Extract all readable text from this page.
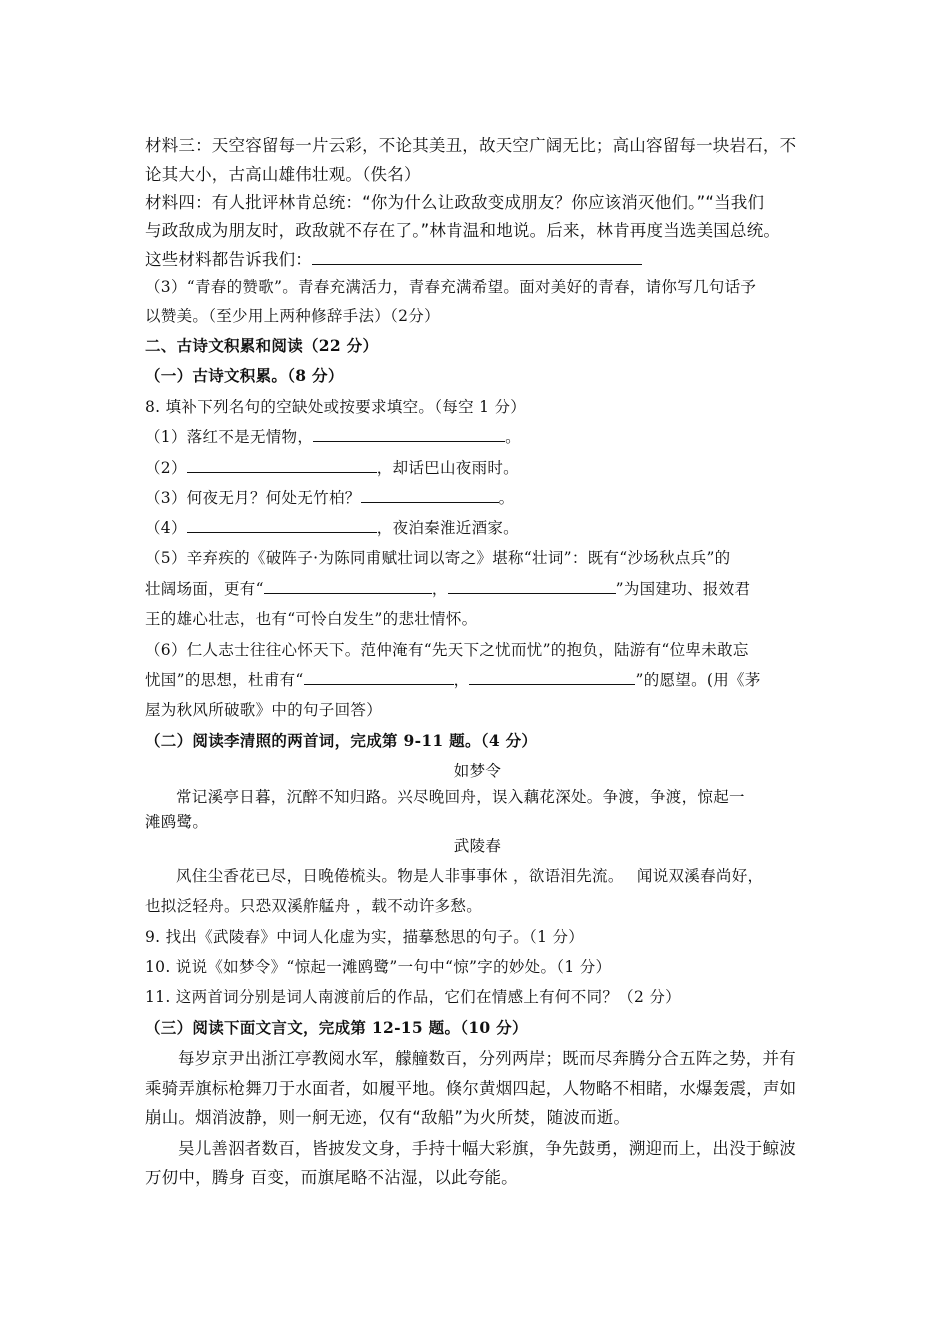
材料三：天空容留每一片云彩，不论其美丑，故天空广阔无比；高山容留每一块岩石，不
论其大小，古高山雄伟壮观。（佚名）
材料四：有人批评林肯总统：“你为什么让政敌变成朋友？你应该消灭他们。”“当我们
与政敌成为朋友时，政敌就不存在了。”林肯温和地说。后来，林肯再度当选美国总统。
这些材料都告诉我们：
（3）“青春的赞歌”。青春充满活力，青春充满希望。面对美好的青春，请你写几句话予
以赞美。（至少用上两种修辞手法）（2分）
二、古诗文积累和阅读（22 分）
（一）古诗文积累。（8 分）
8. 填补下列名句的空缺处或按要求填空。（每空 1 分）
（1）落红不是无情物，	。
（2）	，却话巴山夜雨时。
（3）何夜无月？何处无竹柏？	。
（4）	，夜泊秦淮近酒家。
（5）辛弃疾的《破阵子·为陈同甫赋壮词以寄之》堪称“壮词”：既有“沙场秋点兵”的
壮阔场面，更有“	，	”为国建功、报效君
王的雄心壮志，也有“可怜白发生”的悲壮情怀。
（6）仁人志士往往心怀天下。范仲淹有“先天下之忧而忧”的抱负，陆游有“位卑未敢忘
忧国”的思想，杜甫有“	，	”的愿望。(用《茅
屋为秋风所破歌》中的句子回答）
（二）阅读李清照的两首词，完成第 9-11 题。（4 分）
如梦令
常记溪亭日暮，沉醉不知归路。兴尽晚回舟，误入藕花深处。争渡，争渡，惊起一
滩鸥鹭。
武陵春
风住尘香花已尽，日晚倦梳头。物是人非事事休 ，欲语泪先流。　 闻说双溪春尚好，
也拟泛轻舟。只恐双溪舴艋舟 ，载不动许多愁。
9. 找出《武陵春》中词人化虚为实，描摹愁思的句子。（1 分）
10. 说说《如梦令》“惊起一滩鸥鹭”一句中“惊”字的妙处。（1 分）
11. 这两首词分别是词人南渡前后的作品，它们在情感上有何不同？（2 分）
（三）阅读下面文言文，完成第 12-15 题。（10 分）
每岁京尹出浙江亭教阅水军，艨艟数百，分列两岸；既而尽奔腾分合五阵之势，并有
乘骑弄旗标枪舞刀于水面者，如履平地。倏尔黄烟四起，人物略不相睹，水爆轰震，声如
崩山。烟消波静，则一舸无迹，仅有“敌船”为火所焚，随波而逝。
吴儿善泅者数百，皆披发文身，手持十幅大彩旗，争先鼓勇，溯迎而上，出没于鲸波
万仞中，腾身 百变，而旗尾略不沾湿，以此夸能。
